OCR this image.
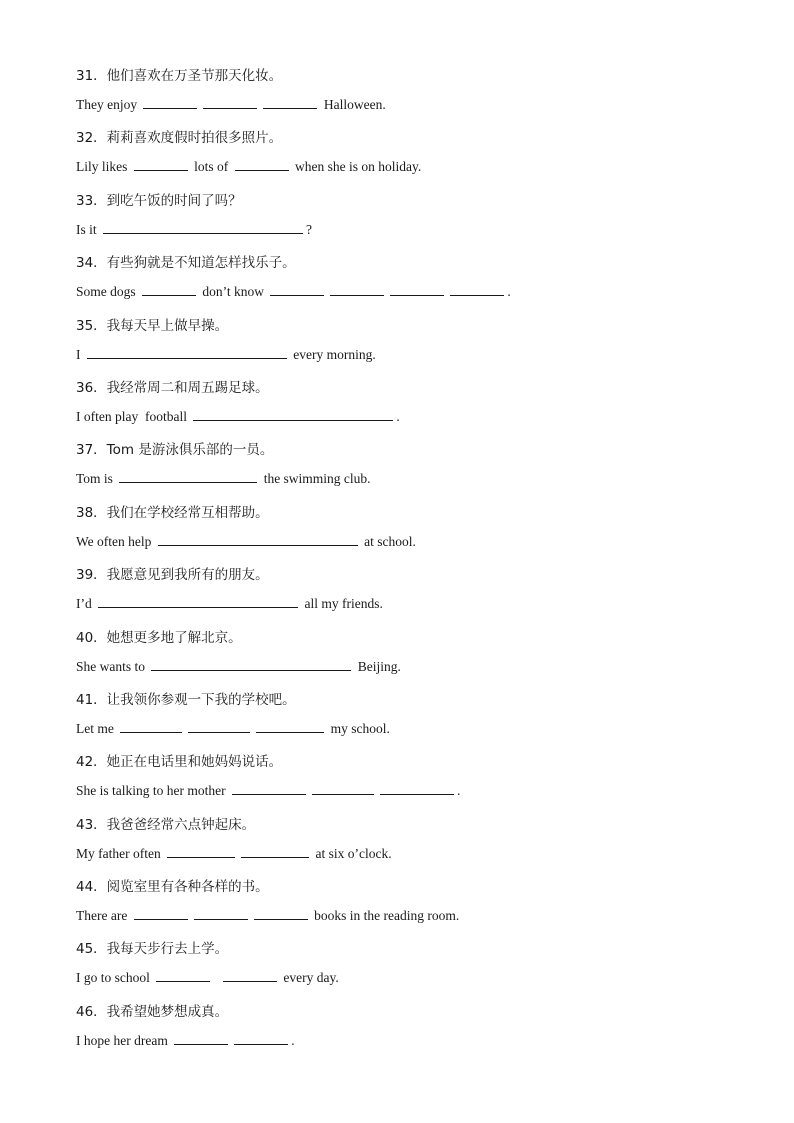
31．他们喜欢在万圣节那天化妆。
They enjoy	Halloween.
32．莉莉喜欢度假时拍很多照片。
Lily likes	lots of	when she is on holiday.
33．到吃午饭的时间了吗？
Is it	?
34．有些狗就是不知道怎样找乐子。
Some dogs	don’t know	.
35．我每天早上做早操。
I	every morning.
36．我经常周二和周五踢足球。
I often play  football	.
37．Tom 是游泳俱乐部的一员。
Tom is	the swimming club.
38．我们在学校经常互相帮助。
We often help	at school.
39．我愿意见到我所有的朋友。
I’d	all my friends.
40．她想更多地了解北京。
She wants to	Beijing.
41．让我领你参观一下我的学校吧。
Let me	my school.
42．她正在电话里和她妈妈说话。
She is talking to her mother	.
43．我爸爸经常六点钟起床。
My father often	at six o’clock.
44．阅览室里有各种各样的书。
There are	books in the reading room.
45．我每天步行去上学。
I go to school	every day.
46．我希望她梦想成真。
I hope her dream	.
